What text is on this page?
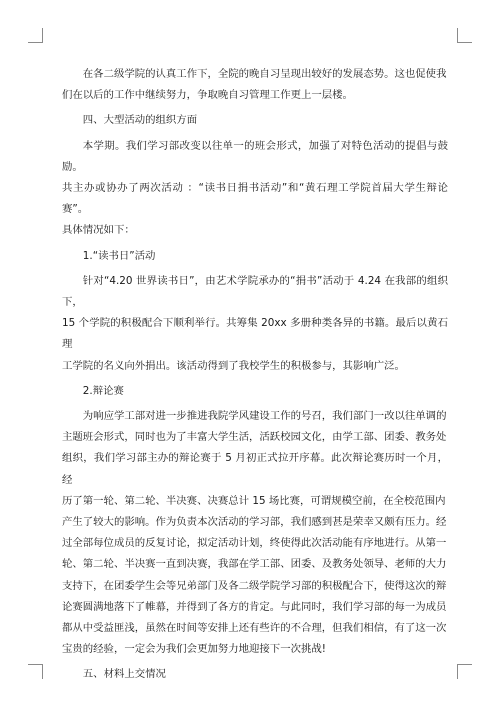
在各二级学院的认真工作下，全院的晚自习呈现出较好的发展态势。这也促使我
们在以后的工作中继续努力，争取晚自习管理工作更上一层楼。

四、大型活动的组织方面

本学期。我们学习部改变以往单一的班会形式，加强了对特色活动的提倡与鼓励。
共主办或协办了两次活动 ：“读书日捐书活动”和“黄石理工学院首届大学生辩论赛”。
具体情况如下：

1.“读书日”活动

针对“4.20 世界读书日”，由艺术学院承办的“捐书”活动于 4.24 在我部的组织下，
15 个学院的积极配合下顺利举行。共筹集 20xx 多册种类各异的书籍。最后以黄石理
工学院的名义向外捐出。该活动得到了我校学生的积极参与，其影响广泛。

2.辩论赛

为响应学工部对进一步推进我院学风建设工作的号召，我们部门一改以往单调的
主题班会形式，同时也为了丰富大学生活，活跃校园文化，由学工部、团委、教务处
组织，我们学习部主办的辩论赛于 5 月初正式拉开序幕。此次辩论赛历时一个月，经
历了第一轮、第二轮、半决赛、决赛总计 15 场比赛，可谓规模空前，在全校范围内
产生了较大的影响。作为负责本次活动的学习部，我们感到甚是荣幸又颇有压力。经
过全部每位成员的反复讨论，拟定活动计划，终使得此次活动能有序地进行。从第一
轮、第二轮、半决赛一直到决赛，我部在学工部、团委、及教务处领导、老师的大力
支持下，在团委学生会等兄弟部门及各二级学院学习部的积极配合下，使得这次的辩
论赛圆满地落下了帷幕，并得到了各方的肯定。与此同时，我们学习部的每一为成员
都从中受益匪浅，虽然在时间等安排上还有些许的不合理，但我们相信，有了这一次
宝贵的经验，一定会为我们会更加努力地迎接下一次挑战!

五、材料上交情况
